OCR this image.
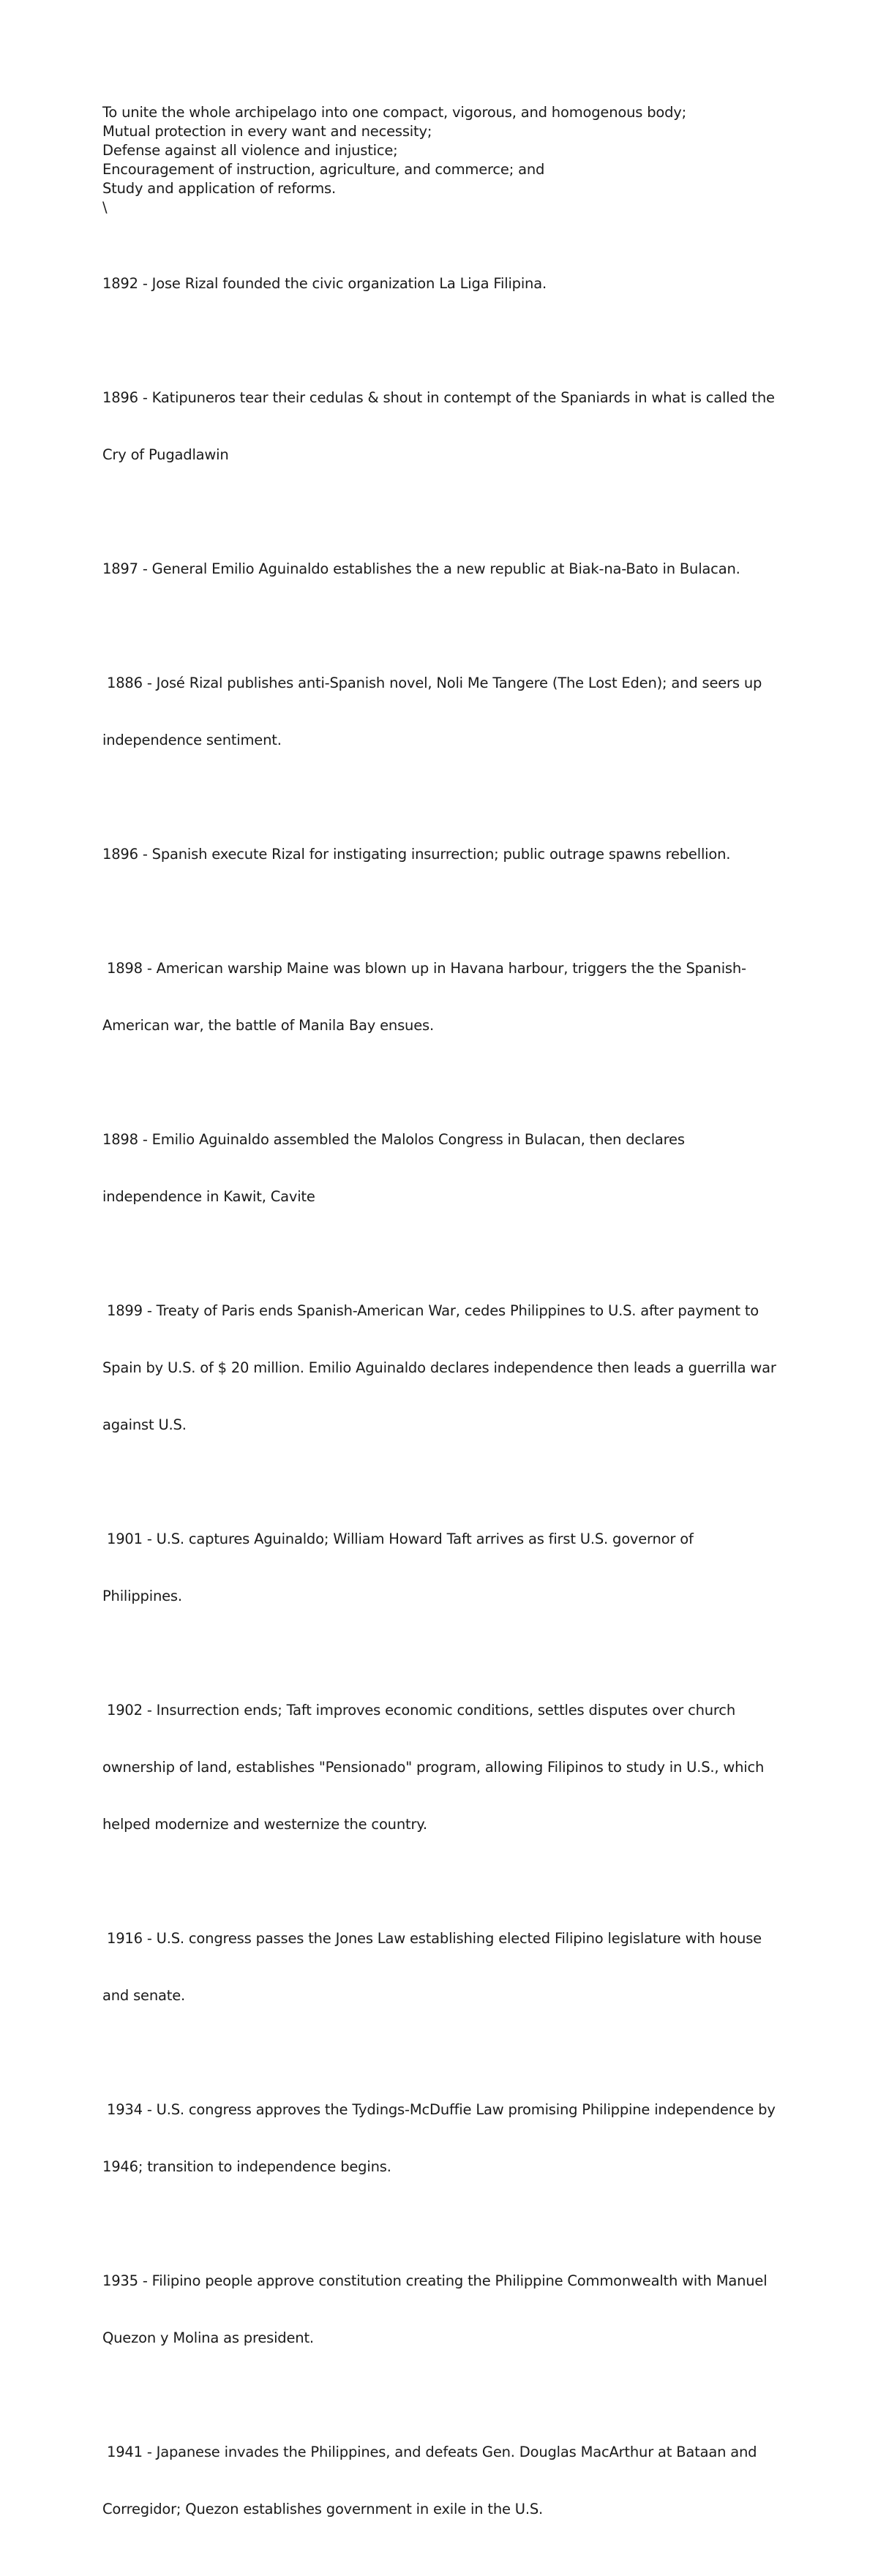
To unite the whole archipelago into one compact, vigorous, and homogenous body;
Mutual protection in every want and necessity;
Defense against all violence and injustice;
Encouragement of instruction, agriculture, and commerce; and
Study and application of reforms.
\

1892 - Jose Rizal founded the civic organization La Liga Filipina.

1896 - Katipuneros tear their cedulas & shout in contempt of the Spaniards in what is called the

Cry of Pugadlawin

1897 - General Emilio Aguinaldo establishes the a new republic at Biak-na-Bato in Bulacan.

1886 - José Rizal publishes anti-Spanish novel, Noli Me Tangere (The Lost Eden); and seers up

independence sentiment.

1896 - Spanish execute Rizal for instigating insurrection; public outrage spawns rebellion.

1898 - American warship Maine was blown up in Havana harbour, triggers the the Spanish-

American war, the battle of Manila Bay ensues.

1898 - Emilio Aguinaldo assembled the Malolos Congress in Bulacan, then declares

independence in Kawit, Cavite

1899 - Treaty of Paris ends Spanish-American War, cedes Philippines to U.S. after payment to

Spain by U.S. of $ 20 million. Emilio Aguinaldo declares independence then leads a guerrilla war

against U.S.

1901 - U.S. captures Aguinaldo; William Howard Taft arrives as first U.S. governor of

Philippines.

1902 - Insurrection ends; Taft improves economic conditions, settles disputes over church

ownership of land, establishes "Pensionado" program, allowing Filipinos to study in U.S., which

helped modernize and westernize the country.

1916 - U.S. congress passes the Jones Law establishing elected Filipino legislature with house

and senate.

1934 - U.S. congress approves the Tydings-McDuffie Law promising Philippine independence by

1946; transition to independence begins.

1935 - Filipino people approve constitution creating the Philippine Commonwealth with Manuel

Quezon y Molina as president.

1941 - Japanese invades the Philippines, and defeats Gen. Douglas MacArthur at Bataan and

Corregidor; Quezon establishes government in exile in the U.S.
